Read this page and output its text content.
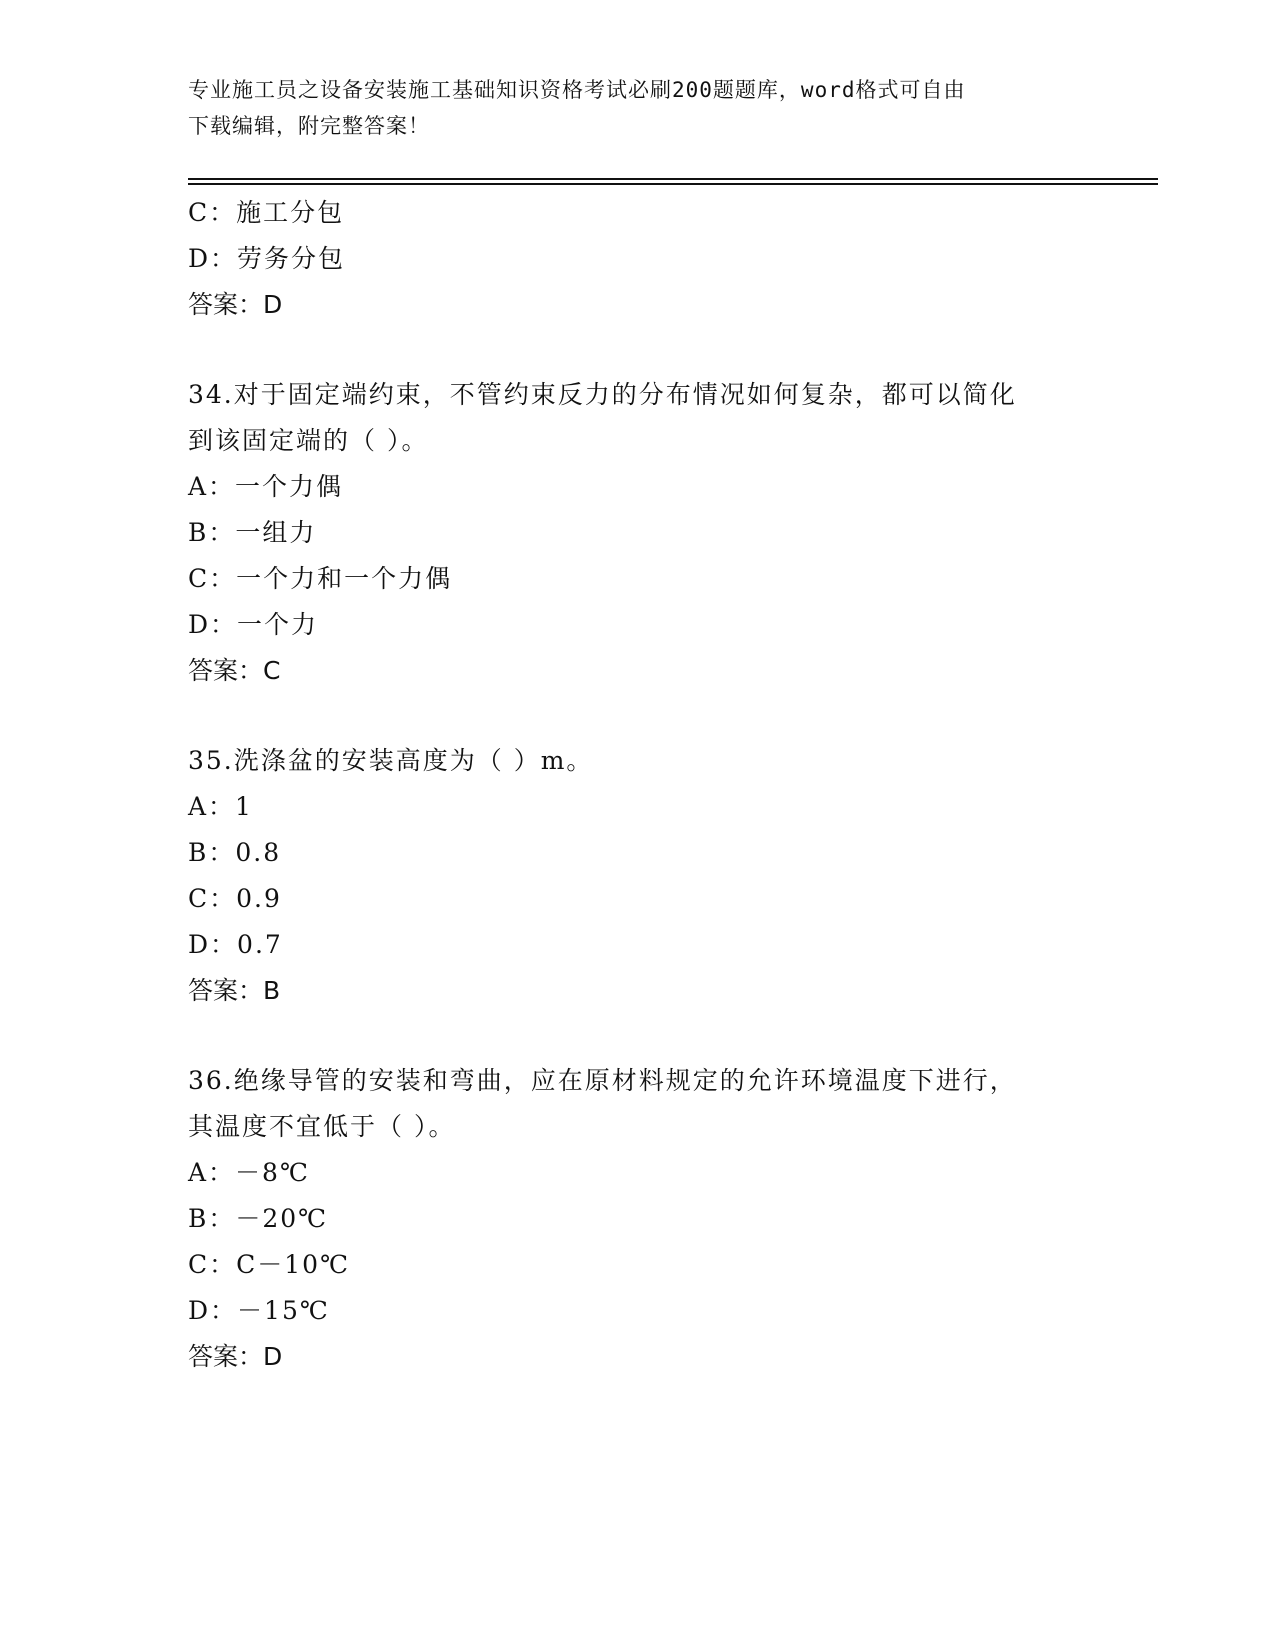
专业施工员之设备安装施工基础知识资格考试必刷200题题库，word格式可自由
下载编辑，附完整答案！
C：施工分包
D：劳务分包
答案：D
34.对于固定端约束，不管约束反力的分布情况如何复杂，都可以简化
到该固定端的（ ）。
A：一个力偶
B：一组力
C：一个力和一个力偶
D：一个力
答案：C
35.洗涤盆的安装高度为（ ）m。
A：1
B：0.8
C：0.9
D：0.7
答案：B
36.绝缘导管的安装和弯曲，应在原材料规定的允许环境温度下进行，
其温度不宜低于（ ）。
A：－8℃
B：－20℃
C：C－10℃
D：－15℃
答案：D
